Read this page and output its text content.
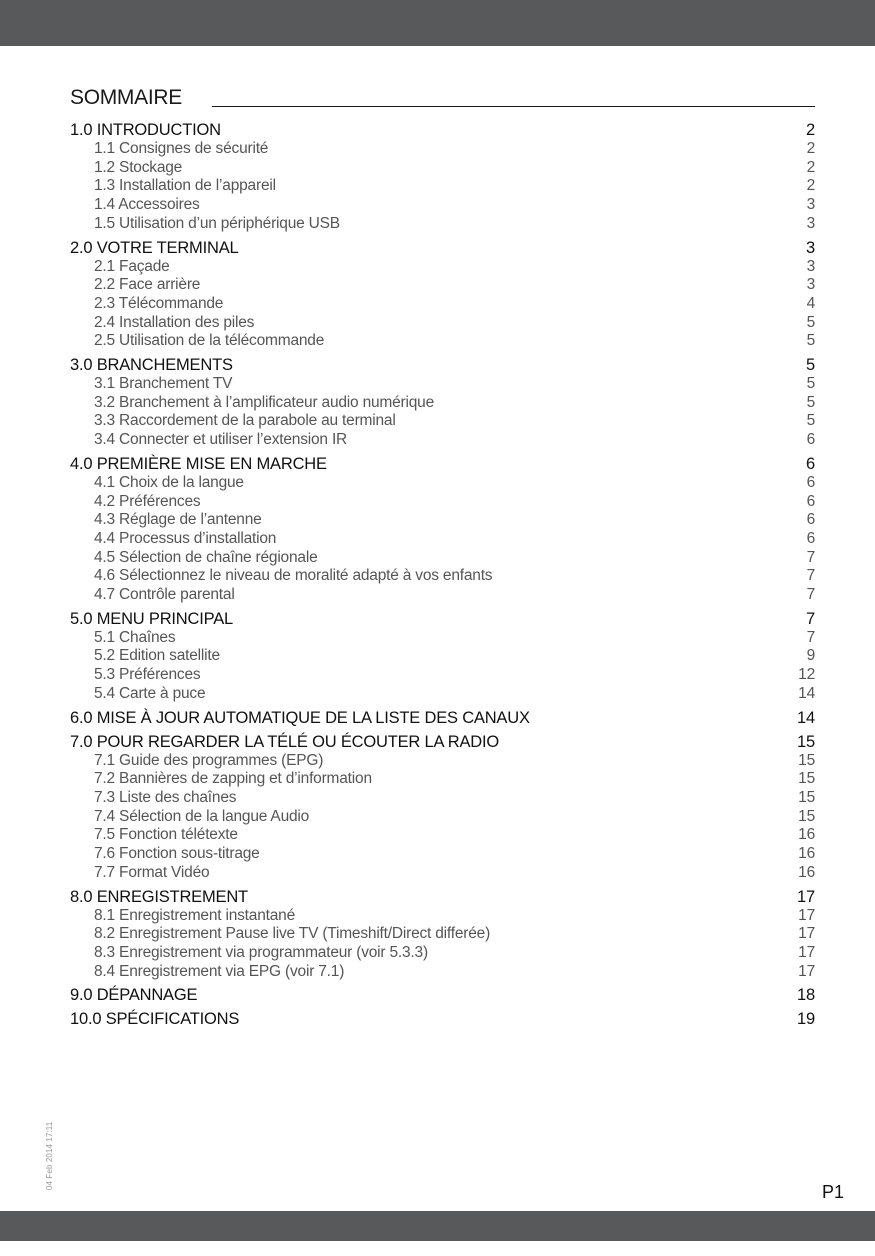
SOMMAIRE
1.0 INTRODUCTION	2
1.1 Consignes de sécurité	2
1.2 Stockage	2
1.3 Installation de l’appareil	2
1.4 Accessoires	3
1.5 Utilisation d’un périphérique USB	3
2.0 VOTRE TERMINAL	3
2.1 Façade	3
2.2 Face arrière	3
2.3 Télécommande	4
2.4 Installation des piles	5
2.5 Utilisation de la télécommande	5
3.0 BRANCHEMENTS	5
3.1 Branchement TV	5
3.2 Branchement à l’amplificateur audio numérique	5
3.3 Raccordement de la parabole au terminal	5
3.4 Connecter et utiliser l’extension IR	6
4.0 PREMIÈRE MISE EN MARCHE	6
4.1 Choix de la langue	6
4.2 Préférences	6
4.3 Réglage de l’antenne	6
4.4 Processus d’installation	6
4.5 Sélection de chaîne régionale	7
4.6 Sélectionnez le niveau de moralité adapté à vos enfants	7
4.7 Contrôle parental	7
5.0 MENU PRINCIPAL	7
5.1 Chaînes	7
5.2 Edition satellite	9
5.3 Préférences	12
5.4 Carte à puce	14
6.0 MISE À JOUR AUTOMATIQUE DE LA LISTE DES CANAUX	14
7.0 POUR REGARDER LA TÉLÉ OU ÉCOUTER LA RADIO	15
7.1 Guide des programmes (EPG)	15
7.2 Bannières de zapping et d’information	15
7.3 Liste des chaînes	15
7.4 Sélection de la langue Audio	15
7.5 Fonction télétexte	16
7.6 Fonction sous-titrage	16
7.7 Format Vidéo	16
8.0 ENREGISTREMENT	17
8.1 Enregistrement instantané	17
8.2 Enregistrement Pause live TV (Timeshift/Direct differée)	17
8.3 Enregistrement via programmateur (voir 5.3.3)	17
8.4 Enregistrement via EPG (voir 7.1)	17
9.0 DÉPANNAGE	18
10.0 SPÉCIFICATIONS	19
04 Feb 2014 17:11
P1
